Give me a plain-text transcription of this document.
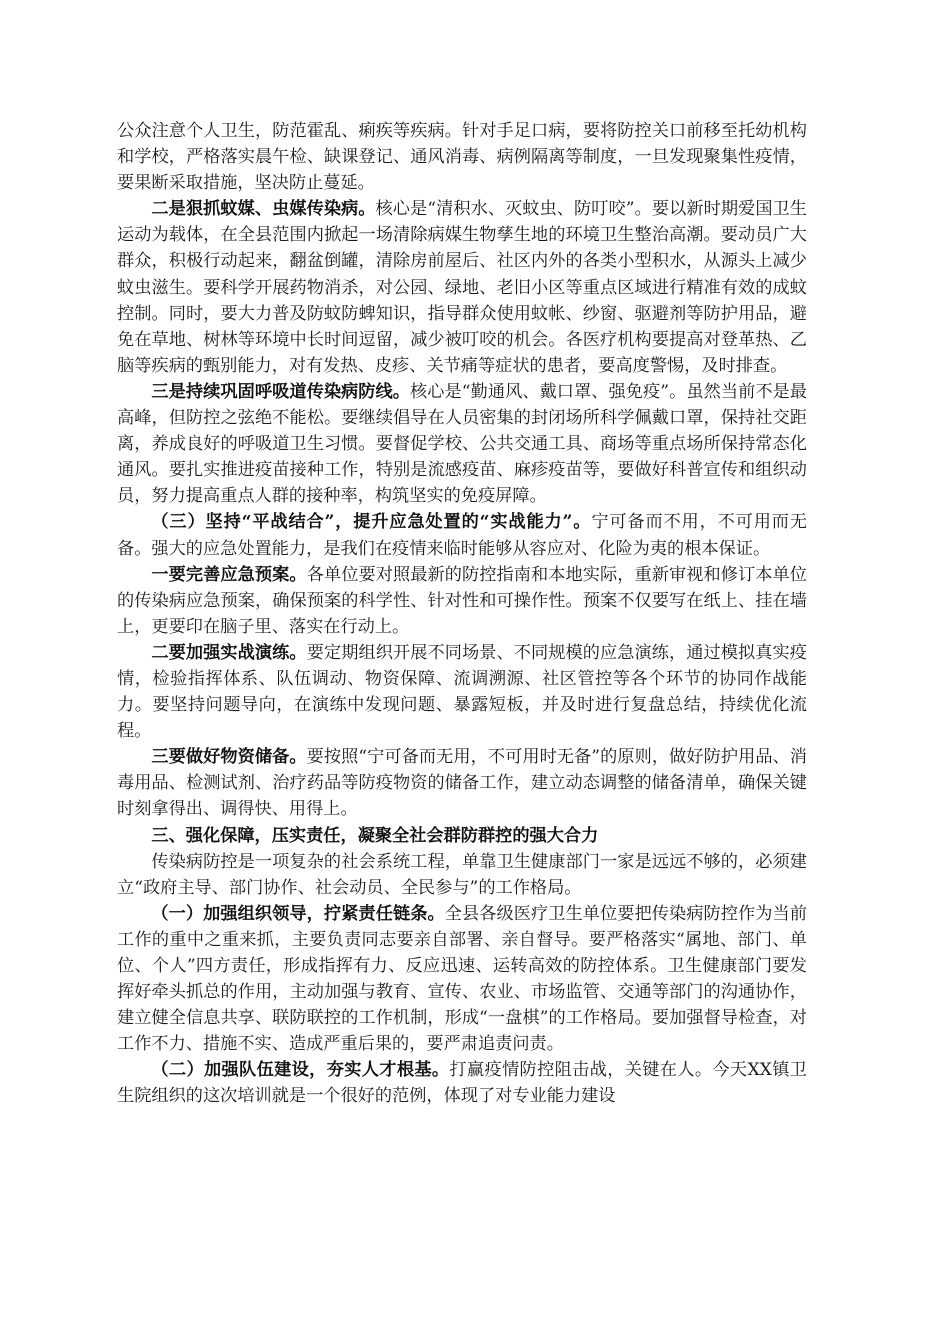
公众注意个人卫生，防范霍乱、痢疾等疾病。针对手足口病，要将防控关口前移至托幼机构和学校，严格落实晨午检、缺课登记、通风消毒、病例隔离等制度，一旦发现聚集性疫情，要果断采取措施，坚决防止蔓延。

二是狠抓蚊媒、虫媒传染病。核心是“清积水、灭蚊虫、防叮咬”。要以新时期爱国卫生运动为载体，在全县范围内掀起一场清除病媒生物孳生地的环境卫生整治高潮。要动员广大群众，积极行动起来，翻盆倒罐，清除房前屋后、社区内外的各类小型积水，从源头上减少蚊虫滋生。要科学开展药物消杀，对公园、绿地、老旧小区等重点区域进行精准有效的成蚊控制。同时，要大力普及防蚊防蜱知识，指导群众使用蚊帐、纱窗、驱避剂等防护用品，避免在草地、树林等环境中长时间逗留，减少被叮咬的机会。各医疗机构要提高对登革热、乙脑等疾病的甄别能力，对有发热、皮疹、关节痛等症状的患者，要高度警惕，及时排查。

三是持续巩固呼吸道传染病防线。核心是“勤通风、戴口罩、强免疫”。虽然当前不是最高峰，但防控之弦绝不能松。要继续倡导在人员密集的封闭场所科学佩戴口罩，保持社交距离，养成良好的呼吸道卫生习惯。要督促学校、公共交通工具、商场等重点场所保持常态化通风。要扎实推进疫苗接种工作，特别是流感疫苗、麻疹疫苗等，要做好科普宣传和组织动员，努力提高重点人群的接种率，构筑坚实的免疫屏障。

（三）坚持“平战结合”，提升应急处置的“实战能力”。宁可备而不用，不可用而无备。强大的应急处置能力，是我们在疫情来临时能够从容应对、化险为夷的根本保证。

一要完善应急预案。各单位要对照最新的防控指南和本地实际，重新审视和修订本单位的传染病应急预案，确保预案的科学性、针对性和可操作性。预案不仅要写在纸上、挂在墙上，更要印在脑子里、落实在行动上。

二要加强实战演练。要定期组织开展不同场景、不同规模的应急演练，通过模拟真实疫情，检验指挥体系、队伍调动、物资保障、流调溯源、社区管控等各个环节的协同作战能力。要坚持问题导向，在演练中发现问题、暴露短板，并及时进行复盘总结，持续优化流程。

三要做好物资储备。要按照“宁可备而无用，不可用时无备”的原则，做好防护用品、消毒用品、检测试剂、治疗药品等防疫物资的储备工作，建立动态调整的储备清单，确保关键时刻拿得出、调得快、用得上。

三、强化保障，压实责任，凝聚全社会群防群控的强大合力

传染病防控是一项复杂的社会系统工程，单靠卫生健康部门一家是远远不够的，必须建立“政府主导、部门协作、社会动员、全民参与”的工作格局。

（一）加强组织领导，拧紧责任链条。全县各级医疗卫生单位要把传染病防控作为当前工作的重中之重来抓，主要负责同志要亲自部署、亲自督导。要严格落实“属地、部门、单位、个人”四方责任，形成指挥有力、反应迅速、运转高效的防控体系。卫生健康部门要发挥好牵头抓总的作用，主动加强与教育、宣传、农业、市场监管、交通等部门的沟通协作，建立健全信息共享、联防联控的工作机制，形成“一盘棋”的工作格局。要加强督导检查，对工作不力、措施不实、造成严重后果的，要严肃追责问责。

（二）加强队伍建设，夯实人才根基。打赢疫情防控阻击战，关键在人。今天XX镇卫生院组织的这次培训就是一个很好的范例，体现了对专业能力建设
